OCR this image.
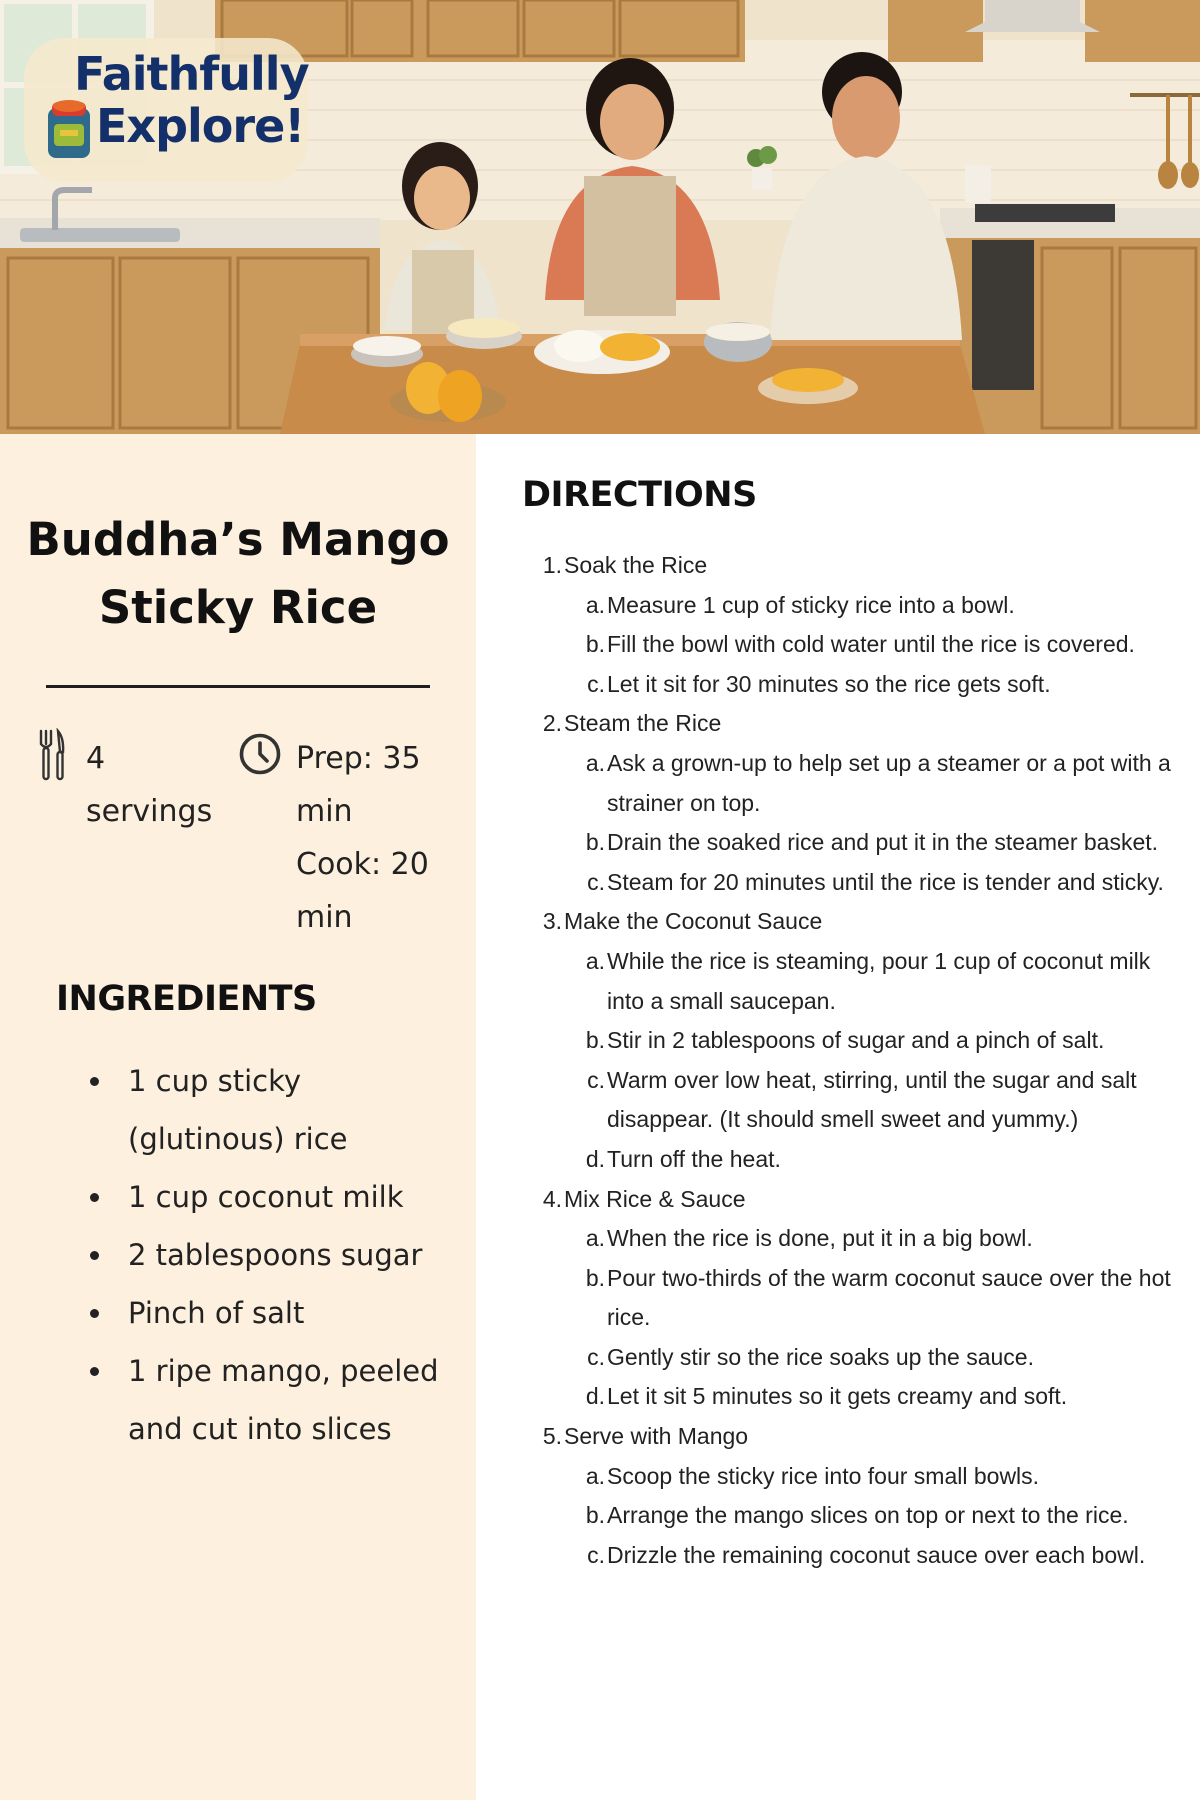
Faithfully
Explore!
Buddha’s Mango Sticky Rice

4
servings

Prep: 35 min
Cook: 20 min

INGREDIENTS
1 cup sticky (glutinous) rice
1 cup coconut milk
2 tablespoons sugar
Pinch of salt
1 ripe mango, peeled and cut into slices
DIRECTIONS
1. Soak the Rice
a. Measure 1 cup of sticky rice into a bowl.
b. Fill the bowl with cold water until the rice is covered.
c. Let it sit for 30 minutes so the rice gets soft.
2. Steam the Rice
a. Ask a grown-up to help set up a steamer or a pot with a strainer on top.
b. Drain the soaked rice and put it in the steamer basket.
c. Steam for 20 minutes until the rice is tender and sticky.
3. Make the Coconut Sauce
a. While the rice is steaming, pour 1 cup of coconut milk into a small saucepan.
b. Stir in 2 tablespoons of sugar and a pinch of salt.
c. Warm over low heat, stirring, until the sugar and salt disappear. (It should smell sweet and yummy.)
d. Turn off the heat.
4. Mix Rice & Sauce
a. When the rice is done, put it in a big bowl.
b. Pour two-thirds of the warm coconut sauce over the hot rice.
c. Gently stir so the rice soaks up the sauce.
d. Let it sit 5 minutes so it gets creamy and soft.
5. Serve with Mango
a. Scoop the sticky rice into four small bowls.
b. Arrange the mango slices on top or next to the rice.
c. Drizzle the remaining coconut sauce over each bowl.
